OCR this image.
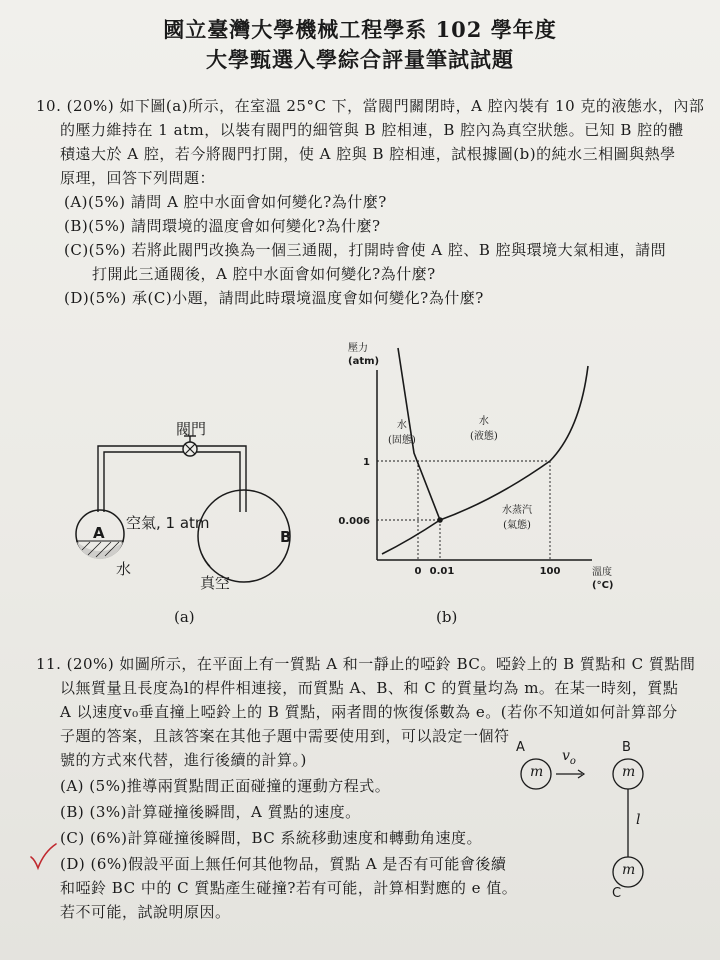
國立臺灣大學機械工程學系 102 學年度
大學甄選入學綜合評量筆試試題
10. (20%) 如下圖(a)所示，在室溫 25°C 下，當閥門關閉時，A 腔內裝有 10 克的液態水，內部
的壓力維持在 1 atm，以裝有閥門的細管與 B 腔相連，B 腔內為真空狀態。已知 B 腔的體
積遠大於 A 腔，若今將閥門打開，使 A 腔與 B 腔相連，試根據圖(b)的純水三相圖與熱學
原理，回答下列問題：
(A)(5%) 請問 A 腔中水面會如何變化?為什麼?
(B)(5%) 請問環境的溫度會如何變化?為什麼?
(C)(5%) 若將此閥門改換為一個三通閥，打開時會使 A 腔、B 腔與環境大氣相連，請問
打開此三通閥後，A 腔中水面會如何變化?為什麼?
(D)(5%) 承(C)小題，請問此時環境溫度會如何變化?為什麼?
閥門
A	B
空氣, 1 atm
水
真空
(a)
1
0.006
0 0.01	100
壓力
(atm)
溫度
(°C)
水
(固態)
水
(液態)
水蒸汽
(氣態)
(b)
11. (20%) 如圖所示，在平面上有一質點 A 和一靜止的啞鈴 BC。啞鈴上的 B 質點和 C 質點間
以無質量且長度為l的桿件相連接，而質點 A、B、和 C 的質量均為 m。在某一時刻，質點
A 以速度v₀垂直撞上啞鈴上的 B 質點，兩者間的恢復係數為 e。(若你不知道如何計算部分
子題的答案，且該答案在其他子題中需要使用到，可以設定一個符
號的方式來代替，進行後續的計算。)
(A) (5%)推導兩質點間正面碰撞的運動方程式。
(B) (3%)計算碰撞後瞬間，A 質點的速度。
(C) (6%)計算碰撞後瞬間，BC 系統移動速度和轉動角速度。
(D) (6%)假設平面上無任何其他物品，質點 A 是否有可能會後續
和啞鈴 BC 中的 C 質點產生碰撞?若有可能，計算相對應的 e 值。
若不可能，試說明原因。
A	B
C
m	m
m
$v_o$
l
